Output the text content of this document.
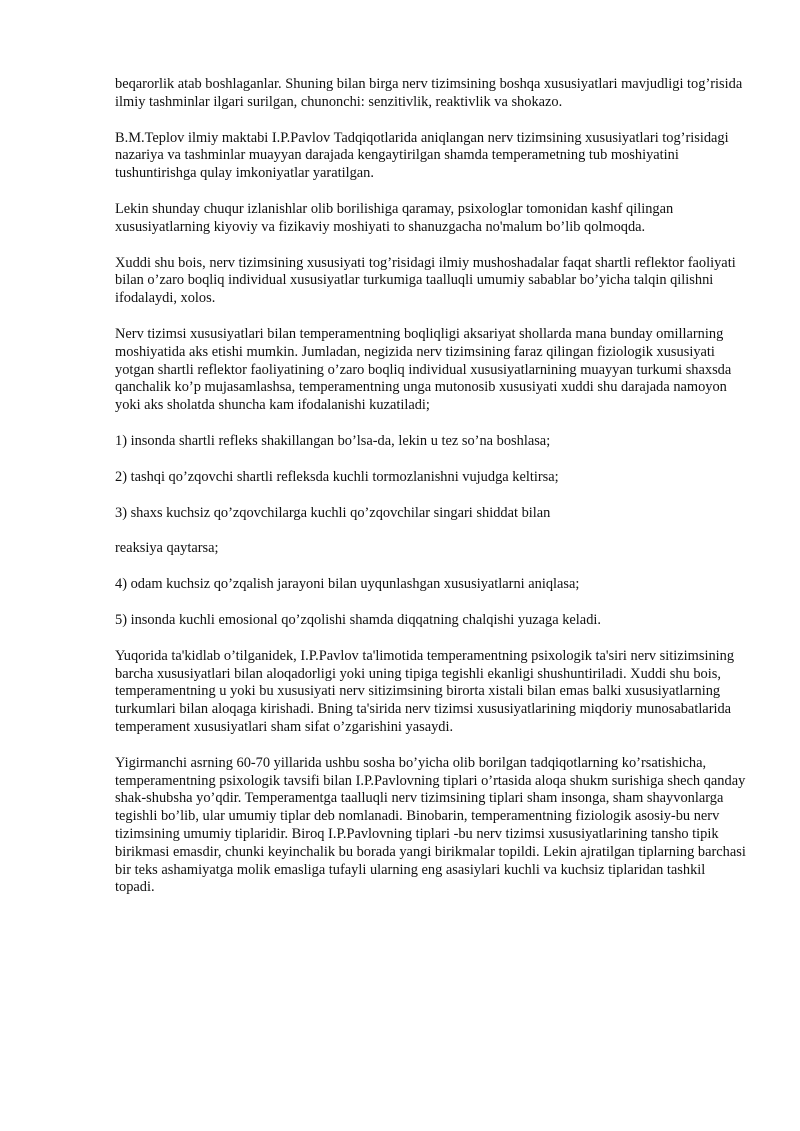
beqarorlik atab boshlaganlar. Shuning bilan birga nerv tizimsining boshqa xususiyatlari mavjudligi tog’risida ilmiy tashminlar ilgari surilgan, chunonchi: senzitivlik, reaktivlik va shokazo.

B.M.Teplov ilmiy maktabi I.P.Pavlov Tadqiqotlarida aniqlangan nerv tizimsining xususiyatlari tog’risidagi nazariya va tashminlar muayyan darajada kengaytirilgan shamda temperametning tub moshiyatini tushuntirishga qulay imkoniyatlar yaratilgan.

Lekin shunday chuqur izlanishlar olib borilishiga qaramay, psixologlar tomonidan kashf qilingan xususiyatlarning kiyoviy va fizikaviy moshiyati to shanuzgacha no'malum bo’lib qolmoqda.

Xuddi shu bois, nerv tizimsining xususiyati tog’risidagi ilmiy mushoshadalar faqat shartli reflektor faoliyati bilan o’zaro boqliq individual xususiyatlar turkumiga taalluqli umumiy sabablar bo’yicha talqin qilishni ifodalaydi, xolos.

Nerv tizimsi xususiyatlari bilan temperamentning boqliqligi aksariyat shollarda mana bunday omillarning moshiyatida aks etishi mumkin. Jumladan, negizida nerv tizimsining faraz qilingan fiziologik xususiyati yotgan shartli reflektor faoliyatining o’zaro boqliq individual xususiyatlarnining muayyan turkumi shaxsda qanchalik ko’p mujasamlashsa, temperamentning unga mutonosib xususiyati xuddi shu darajada namoyon yoki aks sholatda shuncha kam ifodalanishi kuzatiladi;

1) insonda shartli refleks shakillangan bo’lsa-da, lekin u tez so’na boshlasa;

2) tashqi qo’zqovchi shartli refleksda kuchli tormozlanishni vujudga keltirsa;

3) shaxs kuchsiz qo’zqovchilarga kuchli qo’zqovchilar singari shiddat bilan

reaksiya qaytarsa;

4) odam kuchsiz qo’zqalish jarayoni bilan uyqunlashgan xususiyatlarni aniqlasa;

5) insonda kuchli emosional qo’zqolishi shamda diqqatning chalqishi yuzaga keladi.

Yuqorida ta'kidlab o’tilganidek, I.P.Pavlov ta'limotida temperamentning psixologik ta'siri nerv sitizimsining barcha xususiyatlari bilan aloqadorligi yoki uning tipiga tegishli ekanligi shushuntiriladi. Xuddi shu bois, temperamentning u yoki bu xususiyati nerv sitizimsining birorta xistali bilan emas balki xususiyatlarning turkumlari bilan aloqaga kirishadi. Bning ta'sirida nerv tizimsi xususiyatlarining miqdoriy munosabatlarida temperament xususiyatlari sham sifat o’zgarishini yasaydi.

Yigirmanchi asrning 60-70 yillarida ushbu sosha bo’yicha olib borilgan tadqiqotlarning ko’rsatishicha, temperamentning psixologik tavsifi bilan I.P.Pavlovning tiplari o’rtasida aloqa shukm surishiga shech qanday shak-shubsha yo’qdir. Temperamentga taalluqli nerv tizimsining tiplari sham insonga, sham shayvonlarga tegishli bo’lib, ular umumiy tiplar deb nomlanadi. Binobarin, temperamentning fiziologik asosiy-bu nerv tizimsining umumiy tiplaridir. Biroq I.P.Pavlovning tiplari -bu nerv tizimsi xususiyatlarining tansho tipik birikmasi emasdir, chunki keyinchalik bu borada yangi birikmalar topildi. Lekin ajratilgan tiplarning barchasi bir teks ashamiyatga molik emasliga tufayli ularning eng asasiylari kuchli va kuchsiz tiplaridan tashkil topadi.
